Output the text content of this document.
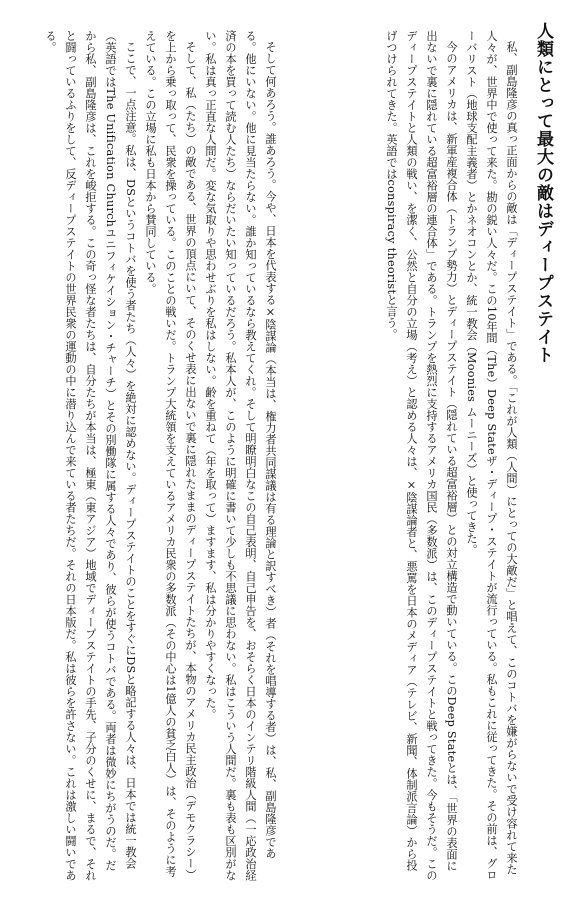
人類にとって最大の敵はディープステイト

私、副島隆彦の真っ正面からの敵は「ディープステイト」である。「これが人類（人間）にとっての大敵だ」と唱えて、このコトバを嫌がらないで受け容れて来た人々が、世界中で使って来た。勘の鋭い人々だ。この10年間（The）Deep Stateザ・ディープ・ステイトが流行っている。私もこれに従ってきた。その前は、グローバリスト（地球支配主義者）とかネオコンとか、統一教会（Moonies ムーニーズ）と使ってきた。

今のアメリカは、新軍産複合体（トランプ勢力）とディープステイト（隠れている超富裕層）との対立構造で動いている。このDeep Stateとは、「世界の表面に出ないで裏に隠れている超富裕層の連合体」である。トランプを熱烈に支持するアメリカ国民（多数派）は、このディープステイトと戦ってきた。今もそうだ。このディープステイトと人類の戦い、を潔く、公然と自分の立場（考え）と認める人々は、×陰謀論者と、悪罵を日本のメディア（テレビ、新聞、体制派言論）から投げつけられてきた。英語ではconspiracy theoristと言う。

そして何あろう。誰あろう。今や、日本を代表する×陰謀論（本当は、権力者共同謀議は有る理論と訳すべき）者（それを唱導する者）は、私、副島隆彦である。他にいない。他に見当たらない。誰か知っているなら教えてくれ。そして明瞭明白なこの自己表明、自己申告を、おそらく日本のインテリ階級人間（一応政治経済の本を買って読む人たち）ならだいたい知っているだろう。私本人が、このように明確に書いて少しも不思議に思わない。私はこういう人間だ。裏も表も区別がない。私は真っ正直な人間だ。変な気取りや思わせぶりを私はしない。齢を重ねて（年を取って）ますます、私は分かりやすくなった。

そして、私（たち）の敵である、世界の頂点にいて、そのくせ表に出ないで裏に隠れたままのディープステイトたちが、本物のアメリカ民主政治（デモクラシー）を上から乗っ取って、民衆を操っている。このことの戦いだ。トランプ大統領を支えているアメリカ民衆の多数派（その中心は1億人の貧乏白人）は、そのように考えている。この立場に私も日本から賛同している。

ここで、一点注意。私は、DSというコトバを使う者たち（人々）を絶対に認めない。ディープステイトのことをすぐにDSと略記する人々は、日本では統一教会（英語ではThe Unification Churchユニフィケイション・チャーチ）とその別働隊に属する人々であり、彼らが使うコトバである。両者は微妙にちがうのだ。だから私、副島隆彦は、これを峻拒する。この奇っ怪な者たちは、自分たちが本当は、極東（東アジア）地域でディープステイトの手先、子分のくせに、まるで、それと闘っているふりをして、反ディープステイトの世界民衆の運動の中に潜り込んで来ている者たちだ。それの日本版だ。私は彼らを許さない。これは激しい闘いである。
